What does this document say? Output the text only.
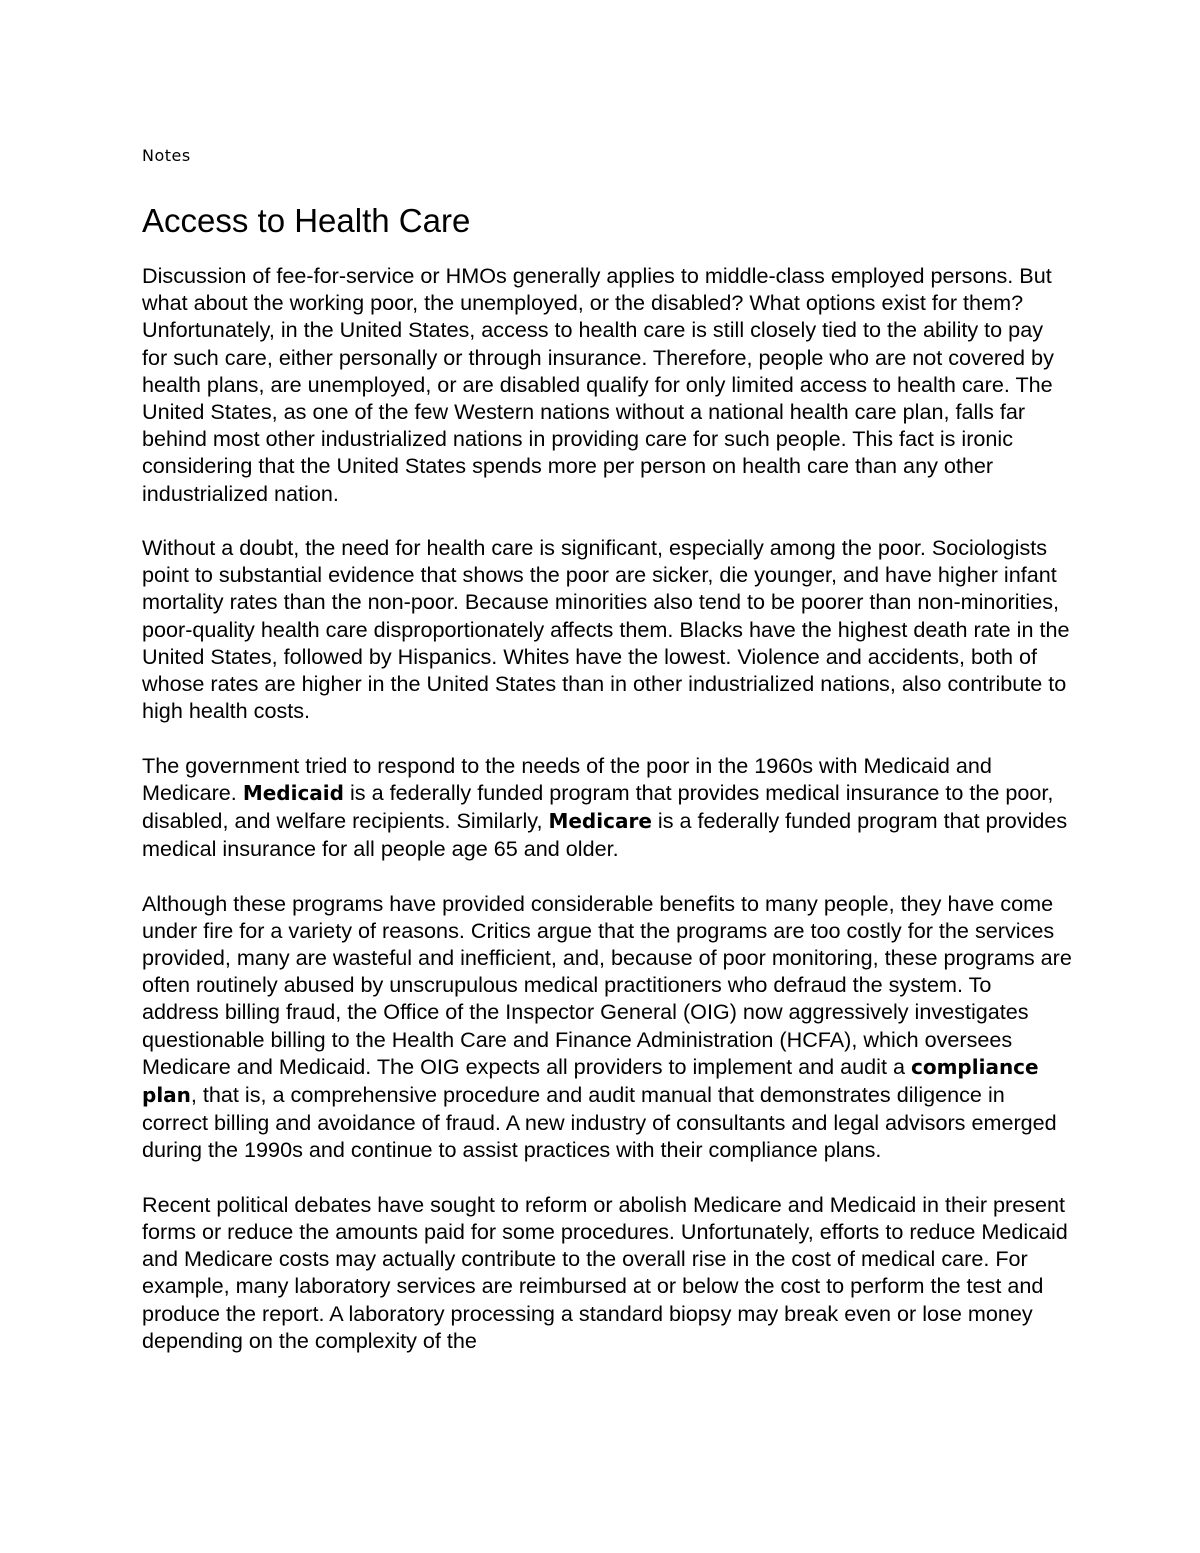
Notes
Access to Health Care

Discussion of fee-for-service or HMOs generally applies to middle-class employed persons. But what about the working poor, the unemployed, or the disabled? What options exist for them? Unfortunately, in the United States, access to health care is still closely tied to the ability to pay for such care, either personally or through insurance. Therefore, people who are not covered by health plans, are unemployed, or are disabled qualify for only limited access to health care. The United States, as one of the few Western nations without a national health care plan, falls far behind most other industrialized nations in providing care for such people. This fact is ironic considering that the United States spends more per person on health care than any other industrialized nation.

Without a doubt, the need for health care is significant, especially among the poor. Sociologists point to substantial evidence that shows the poor are sicker, die younger, and have higher infant mortality rates than the non-poor. Because minorities also tend to be poorer than non-minorities, poor-quality health care disproportionately affects them. Blacks have the highest death rate in the United States, followed by Hispanics. Whites have the lowest. Violence and accidents, both of whose rates are higher in the United States than in other industrialized nations, also contribute to high health costs.

The government tried to respond to the needs of the poor in the 1960s with Medicaid and Medicare. Medicaid is a federally funded program that provides medical insurance to the poor, disabled, and welfare recipients. Similarly, Medicare is a federally funded program that provides medical insurance for all people age 65 and older.

Although these programs have provided considerable benefits to many people, they have come under fire for a variety of reasons. Critics argue that the programs are too costly for the services provided, many are wasteful and inefficient, and, because of poor monitoring, these programs are often routinely abused by unscrupulous medical practitioners who defraud the system. To address billing fraud, the Office of the Inspector General (OIG) now aggressively investigates questionable billing to the Health Care and Finance Administration (HCFA), which oversees Medicare and Medicaid. The OIG expects all providers to implement and audit a compliance plan, that is, a comprehensive procedure and audit manual that demonstrates diligence in correct billing and avoidance of fraud. A new industry of consultants and legal advisors emerged during the 1990s and continue to assist practices with their compliance plans.

Recent political debates have sought to reform or abolish Medicare and Medicaid in their present forms or reduce the amounts paid for some procedures. Unfortunately, efforts to reduce Medicaid and Medicare costs may actually contribute to the overall rise in the cost of medical care. For example, many laboratory services are reimbursed at or below the cost to perform the test and produce the report. A laboratory processing a standard biopsy may break even or lose money depending on the complexity of the
